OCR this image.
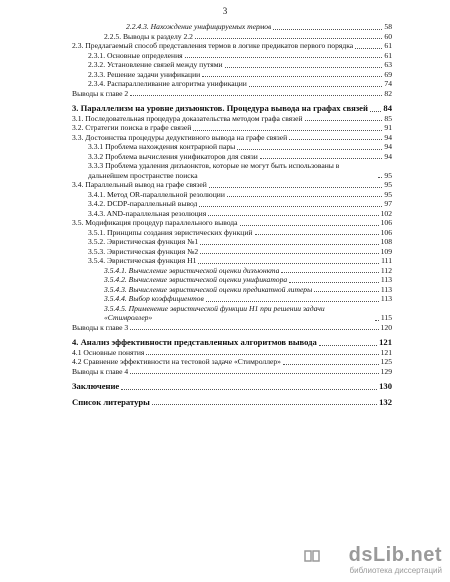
3
2.2.4.3. Нахождение унифицируемых термов	58
2.2.5. Выводы к разделу 2.2	60
2.3. Предлагаемый способ представления термов в логике предикатов первого порядка	61
2.3.1. Основные определения	61
2.3.2. Установление связей между путями	63
2.3.3. Решение задачи унификации	69
2.3.4. Распараллеливание алгоритма унификации	74
Выводы к главе 2	82
3. Параллелизм на уровне дизъюнктов. Процедура вывода на графах связей 84
3.1. Последовательная процедура доказательства методом графа связей	85
3.2. Стратегии поиска в графе связей	91
3.3. Достоинства процедуры дедуктивного вывода на графе связей	94
3.3.1 Проблема нахождения контрарной пары	94
3.3.2 Проблема вычисления унификаторов для связи	94
3.3.3 Проблема удаления дизъюнктов, которые не могут быть использованы в дальнейшем пространстве поиска	95
3.4. Параллельный вывод на графе связей	95
3.4.1. Метод OR-параллельной резолюции	95
3.4.2. DCDP-параллельный вывод	97
3.4.3. AND-параллельная резолюция	102
3.5. Модификация процедур параллельного вывода	106
3.5.1. Принципы создания эвристических функций	106
3.5.2. Эвристическая функция №1	108
3.5.3. Эвристическая функция №2	109
3.5.4. Эвристическая функция H1	111
3.5.4.1. Вычисление эвристической оценки дизъюнкта	112
3.5.4.2. Вычисление эвристической оценки унификатора	113
3.5.4.3. Вычисление эвристической оценки предикатной литеры	113
3.5.4.4. Выбор коэффициентов	113
3.5.4.5. Применение эвристической функции H1 при решении задачи «Стимроллер»	115
Выводы к главе 3	120
4. Анализ эффективности представленных алгоритмов вывода	121
4.1 Основные понятия	121
4.2 Сравнение эффективности на тестовой задаче «Стимроллер»	125
Выводы к главе 4	129
Заключение	130
Список литературы	132
dsLib.net
библиотека диссертаций
